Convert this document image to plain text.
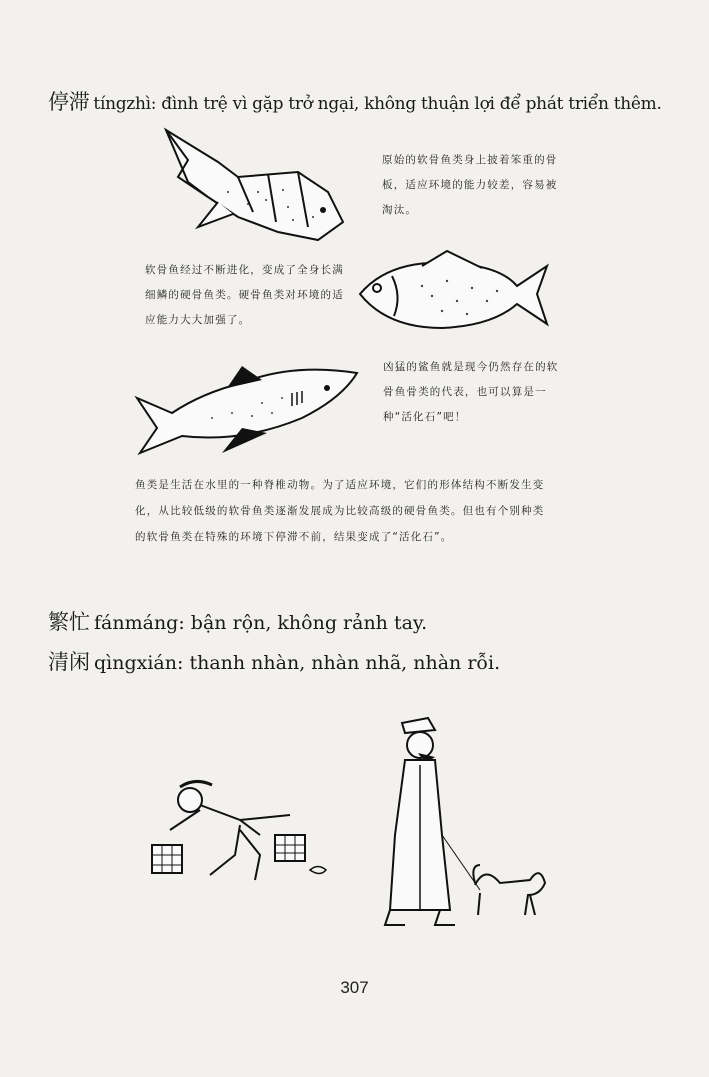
停滞 tíngzhì: đình trệ vì gặp trở ngại, không thuận lợi để phát triển thêm.
原始的软骨鱼类身上披着笨重的骨板，适应环境的能力较差，容易被淘汰。
软骨鱼经过不断进化，变成了全身长满细鳞的硬骨鱼类。硬骨鱼类对环境的适应能力大大加强了。
凶猛的鲨鱼就是现今仍然存在的软骨鱼骨类的代表，也可以算是一种“活化石”吧！
鱼类是生活在水里的一种脊椎动物。为了适应环境，它们的形体结构不断发生变化，从比较低级的软骨鱼类逐渐发展成为比较高级的硬骨鱼类。但也有个别种类的软骨鱼类在特殊的环境下停滞不前，结果变成了“活化石”。
繁忙 fánmáng: bận rộn, không rảnh tay.
清闲 qìngxián: thanh nhàn, nhàn nhã, nhàn rỗi.
307
